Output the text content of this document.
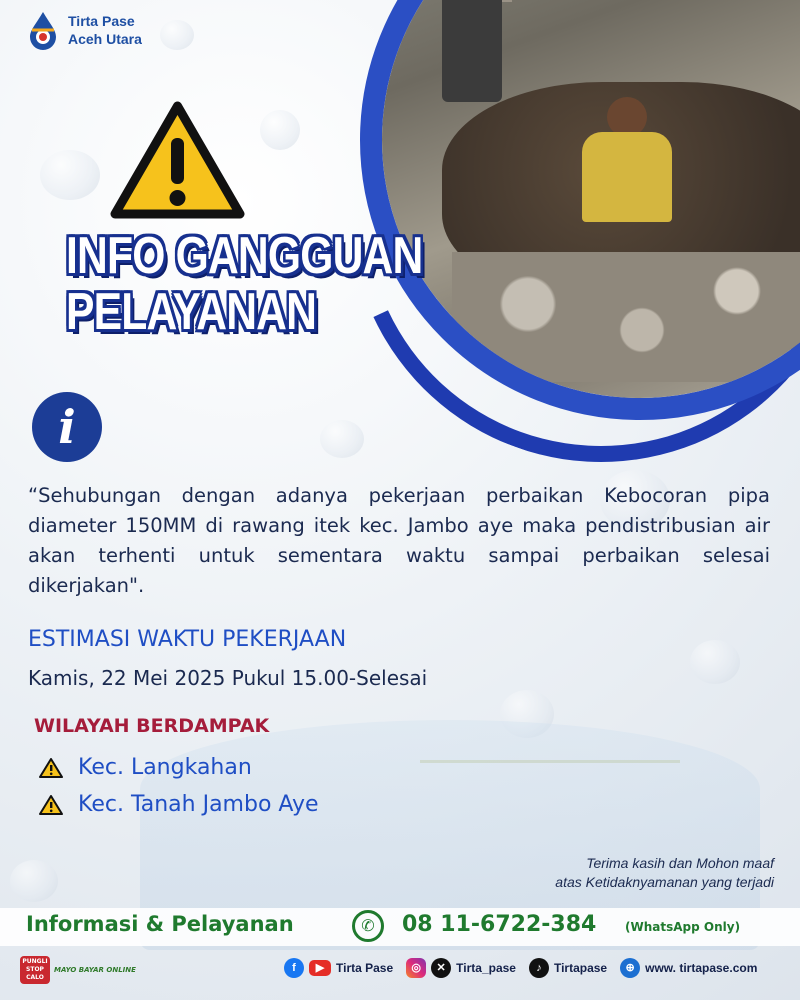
Tirta Pase
Aceh Utara
INFO GANGGUAN
PELAYANAN
i
“Sehubungan dengan adanya pekerjaan perbaikan Kebocoran pipa diameter 150MM di rawang itek kec. Jambo aye maka pendistribusian air akan terhenti untuk sementara waktu sampai perbaikan selesai dikerjakan".
ESTIMASI WAKTU PEKERJAAN
Kamis, 22 Mei 2025 Pukul 15.00-Selesai
WILAYAH BERDAMPAK
Kec. Langkahan
Kec. Tanah Jambo Aye
Terima kasih dan Mohon maaf
atas Ketidaknyamanan yang terjadi
Informasi & Pelayanan	✆	08 11-6722-384 (WhatsApp Only)
PUNGLI STOP CALO
MAYO BAYAR ONLINE	f	▶ Tirta Pase	◎	✕ Tirta_pase	♪	Tirtapase	⊕ www. tirtapase.com
